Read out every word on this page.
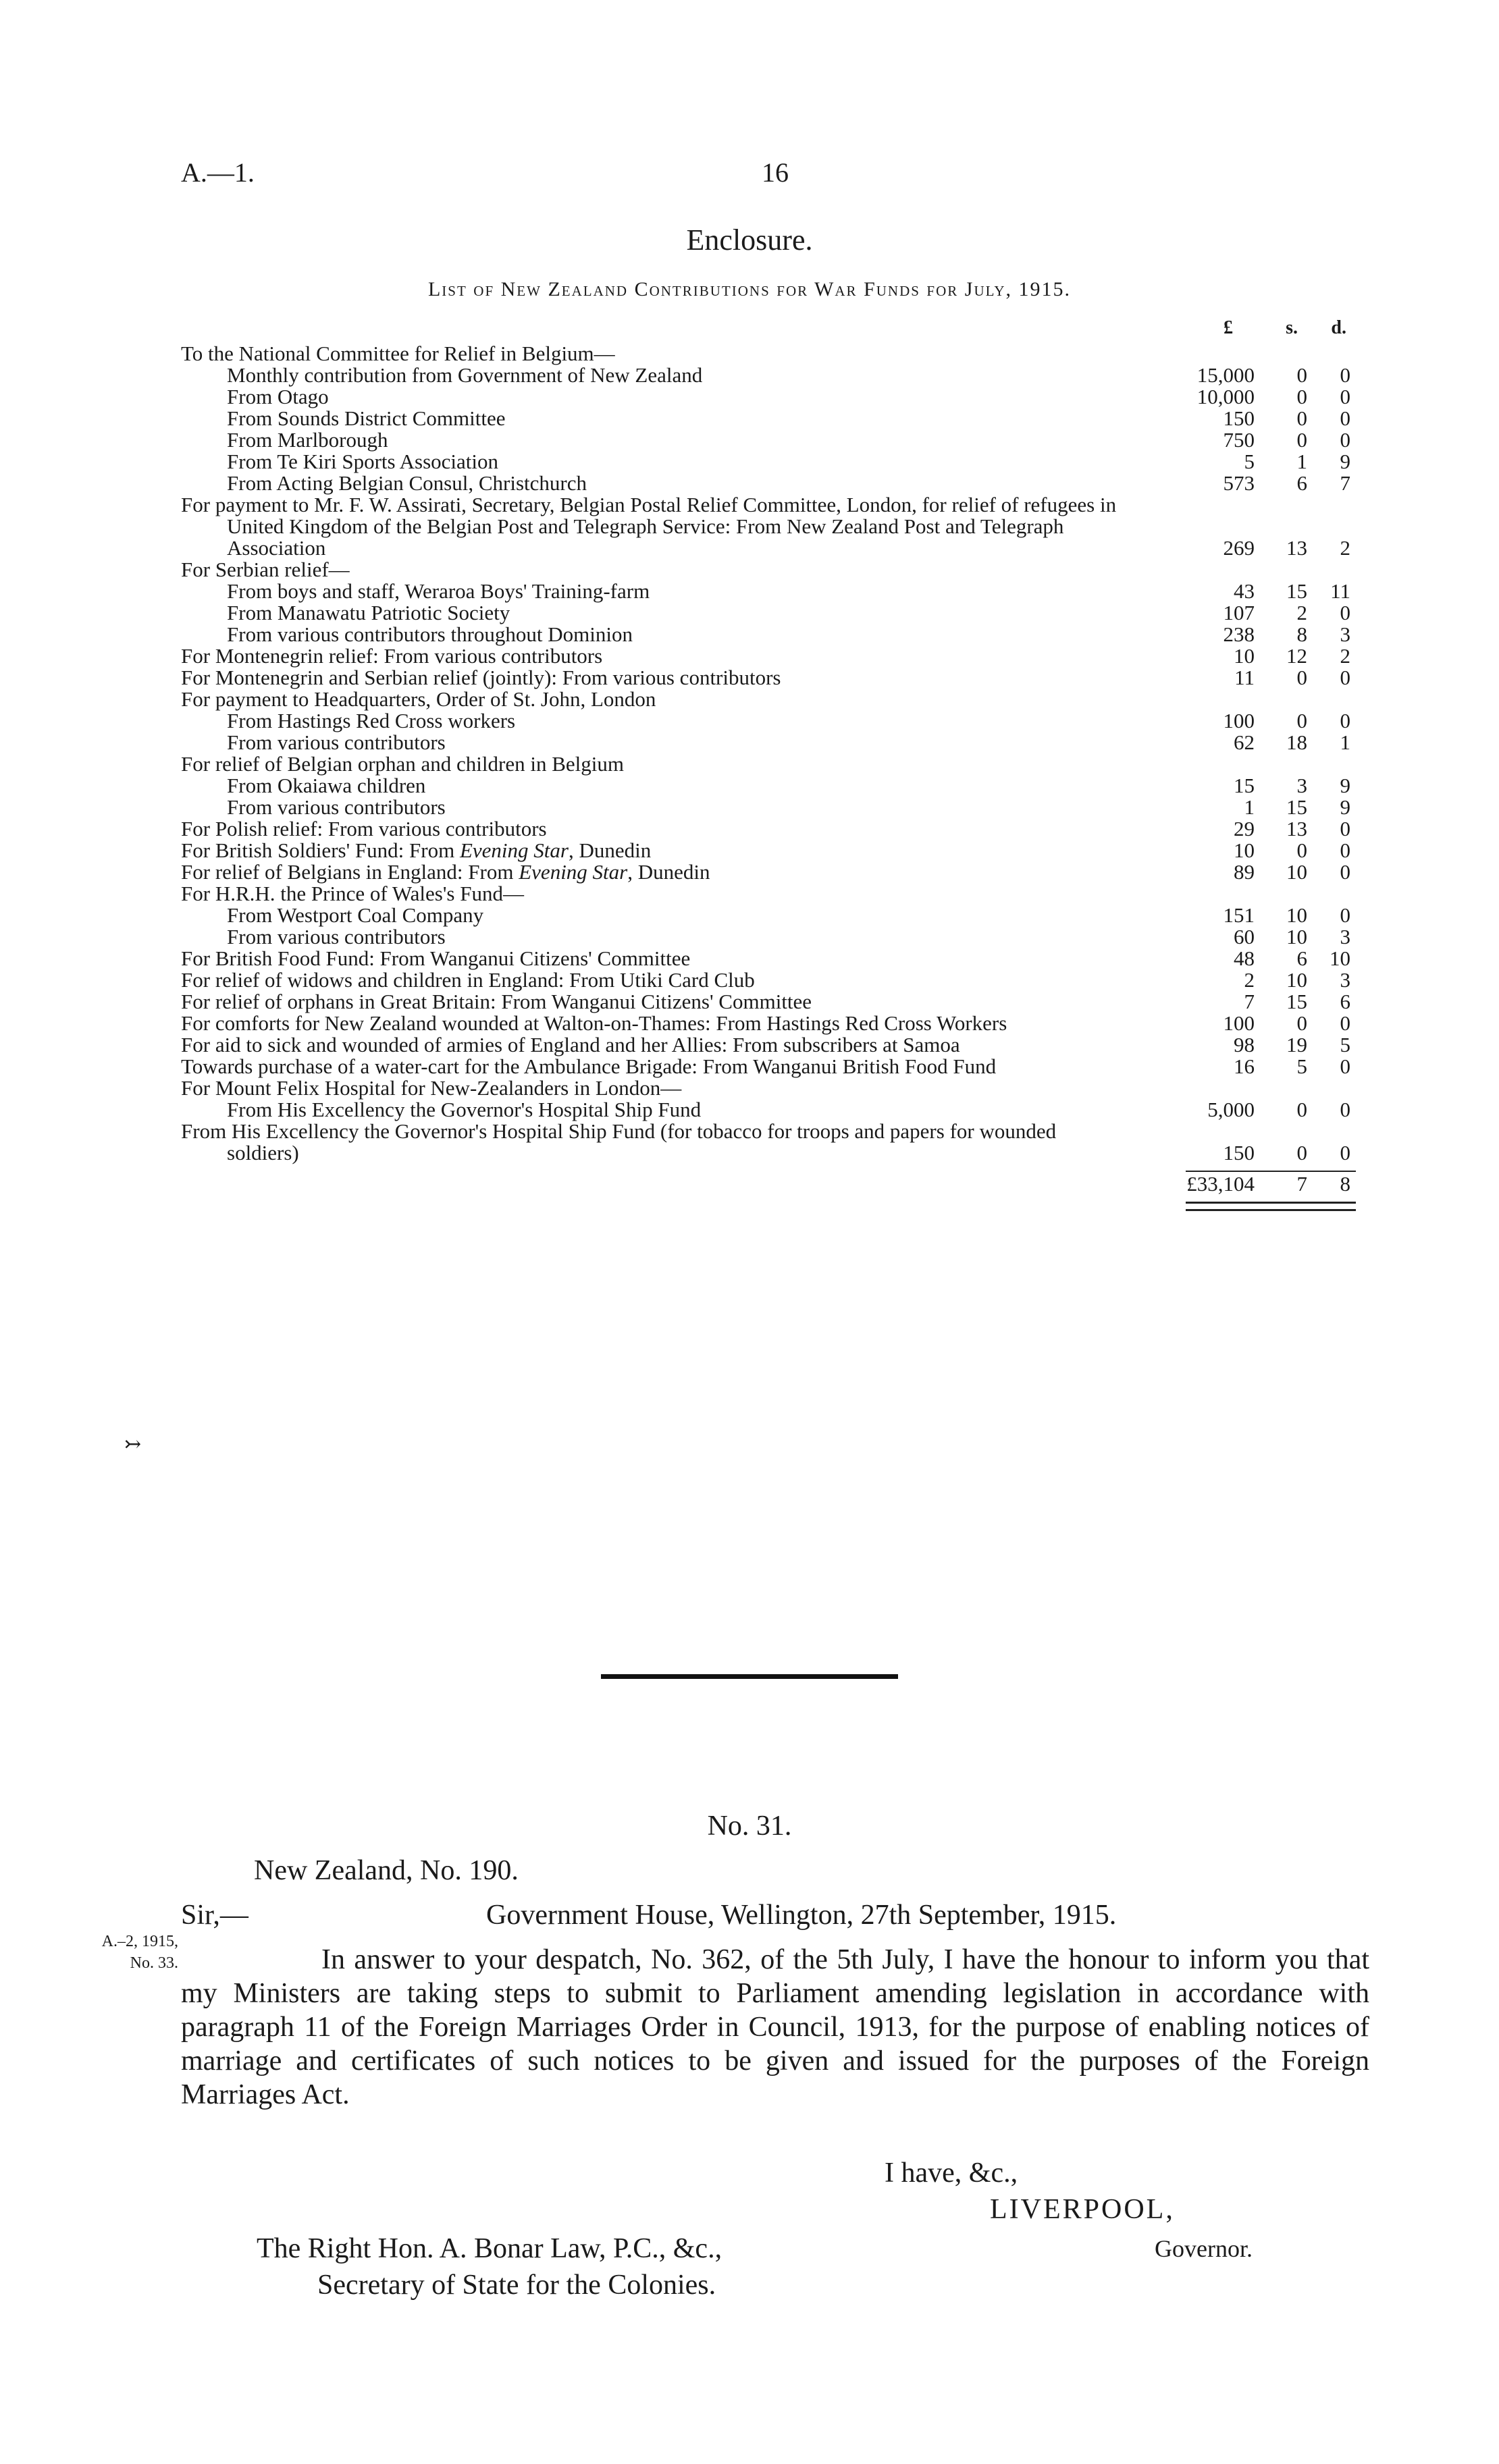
A.—1.	16
Enclosure.
List of New Zealand Contributions for War Funds for July, 1915.
£	s. d.
To the National Committee for Relief in Belgium—
Monthly contribution from Government of New Zealand	15,000	0	0
From Otago	10,000	0	0
From Sounds District Committee	150	0	0
From Marlborough	750	0	0
From Te Kiri Sports Association	5	1	9
From Acting Belgian Consul, Christchurch	573	6	7
For payment to Mr. F. W. Assirati, Secretary, Belgian Postal Relief Committee, London, for relief of refugees in United Kingdom of the Belgian Post and Telegraph Service: From New Zealand Post and Telegraph Association	269	13	2
For Serbian relief—
From boys and staff, Weraroa Boys' Training-farm	43	15	11
From Manawatu Patriotic Society	107	2	0
From various contributors throughout Dominion	238	8	3
For Montenegrin relief: From various contributors	10	12	2
For Montenegrin and Serbian relief (jointly): From various contributors	11	0	0
For payment to Headquarters, Order of St. John, London
From Hastings Red Cross workers	100	0	0
From various contributors	62	18	1
For relief of Belgian orphan and children in Belgium
From Okaiawa children	15	3	9
From various contributors	1	15	9
For Polish relief: From various contributors	29	13	0
For British Soldiers' Fund: From Evening Star, Dunedin	10	0	0
For relief of Belgians in England: From Evening Star, Dunedin	89	10	0
For H.R.H. the Prince of Wales's Fund—
From Westport Coal Company	151	10	0
From various contributors	60	10	3
For British Food Fund: From Wanganui Citizens' Committee	48	6	10
For relief of widows and children in England: From Utiki Card Club	2	10	3
For relief of orphans in Great Britain: From Wanganui Citizens' Committee	7	15	6
For comforts for New Zealand wounded at Walton-on-Thames: From Hastings Red Cross Workers	100	0	0
For aid to sick and wounded of armies of England and her Allies: From subscribers at Samoa	98	19	5
Towards purchase of a water-cart for the Ambulance Brigade: From Wanganui British Food Fund	16	5	0
For Mount Felix Hospital for New-Zealanders in London—
From His Excellency the Governor's Hospital Ship Fund	5,000	0	0
From His Excellency the Governor's Hospital Ship Fund (for tobacco for troops and papers for wounded soldiers)	150	0	0
£33,104	7	8
↣
A.–2, 1915,
No. 33.
No. 31.
New Zealand, No. 190.
Sir,—	Government House, Wellington, 27th September, 1915.

In answer to your despatch, No. 362, of the 5th July, I have the honour to inform you that my Ministers are taking steps to submit to Parliament amending legislation in accordance with paragraph 11 of the Foreign Marriages Order in Council, 1913, for the purpose of enabling notices of marriage and certificates of such notices to be given and issued for the purposes of the Foreign Marriages Act.

I have, &c.,
LIVERPOOL,
Governor.
The Right Hon. A. Bonar Law, P.C., &c.,
Secretary of State for the Colonies.
